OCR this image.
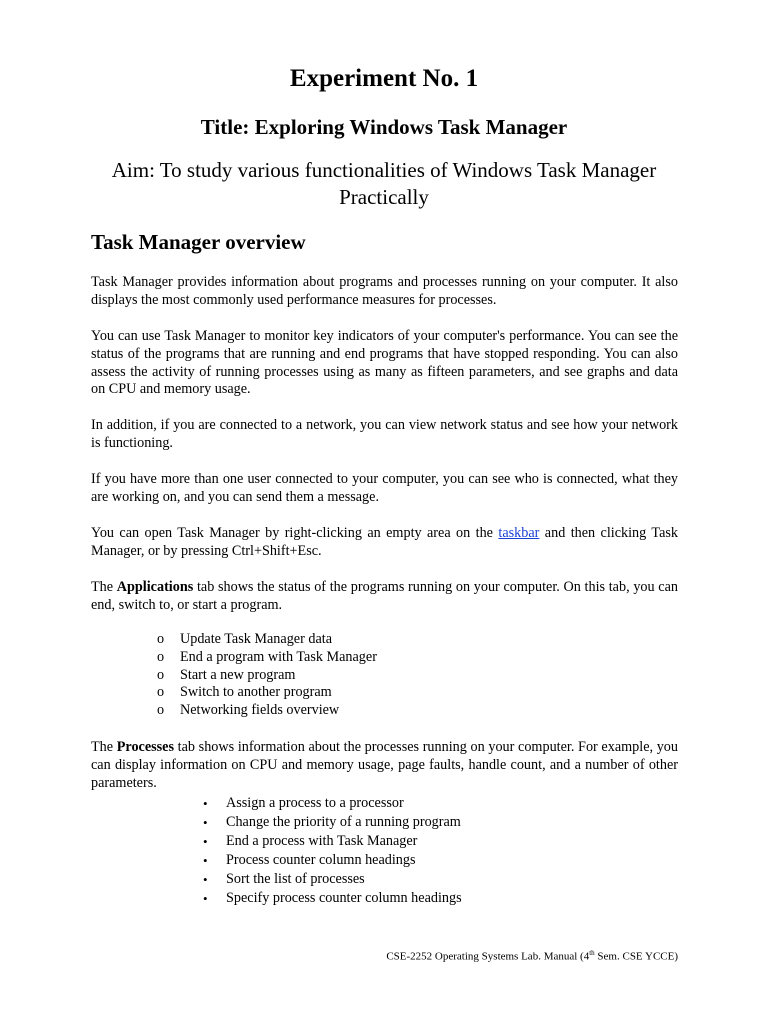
Experiment No. 1
Title: Exploring Windows Task Manager
Aim: To study various functionalities of Windows Task Manager
Practically
Task Manager overview

Task Manager provides information about programs and processes running on your computer. It also displays the most commonly used performance measures for processes.

You can use Task Manager to monitor key indicators of your computer's performance. You can see the status of the programs that are running and end programs that have stopped responding. You can also assess the activity of running processes using as many as fifteen parameters, and see graphs and data on CPU and memory usage.

In addition, if you are connected to a network, you can view network status and see how your network is functioning.

If you have more than one user connected to your computer, you can see who is connected, what they are working on, and you can send them a message.

You can open Task Manager by right-clicking an empty area on the taskbar and then clicking Task Manager, or by pressing Ctrl+Shift+Esc.

The Applications tab shows the status of the programs running on your computer. On this tab, you can end, switch to, or start a program.

o Update Task Manager data
o End a program with Task Manager
o Start a new program
o Switch to another program
o Networking fields overview

The Processes tab shows information about the processes running on your computer. For example, you can display information on CPU and memory usage, page faults, handle count, and a number of other parameters.

• Assign a process to a processor
• Change the priority of a running program
• End a process with Task Manager
• Process counter column headings
• Sort the list of processes
• Specify process counter column headings

CSE-2252 Operating Systems Lab. Manual (4th Sem. CSE YCCE)
